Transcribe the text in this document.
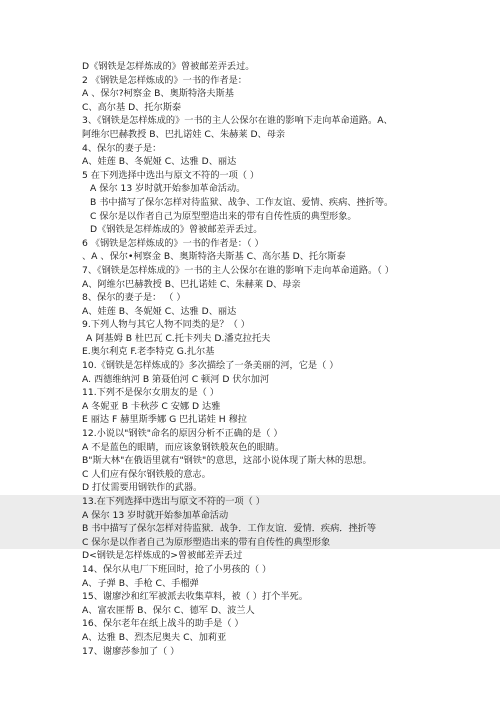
D《钢铁是怎样炼成的》曾被邮差弄丢过。
2 《钢铁是怎样炼成的》一书的作者是：
A 、保尔?柯察金 B、奥斯特洛夫斯基
C、高尔基 D、托尔斯泰
3、《钢铁是怎样炼成的》一书的主人公保尔在谁的影响下走向革命道路。A、
阿维尔巴赫教授 B、巴扎诺娃 C、朱赫莱 D、母亲
4、保尔的妻子是：
A、娃莲 B、冬妮娅 C、达雅 D、丽达
5 在下列选择中选出与原文不符的一项（ ）
A 保尔 13 岁时就开始参加革命活动。
B 书中描写了保尔怎样对待监狱、战争、工作友谊、爱情、疾病、挫折等。
C 保尔是以作者自己为原型塑造出来的带有自传性质的典型形象。
D《钢铁是怎样炼成的》曾被邮差弄丢过。
6 《钢铁是怎样炼成的》一书的作者是：（ ）
、A 、保尔•柯察金 B、奥斯特洛夫斯基 C、高尔基 D、托尔斯泰
7、《钢铁是怎样炼成的》一书的主人公保尔在谁的影响下走向革命道路。（ ）
A、阿维尔巴赫教授 B、巴扎诺娃 C、朱赫莱 D、母亲
8、保尔的妻子是： （ ）
A、娃莲 B、冬妮娅 C、达雅 D、丽达
9.下列人物与其它人物不同类的是？（ ）
A 阿基姆 B 杜巴瓦 C.托卡列夫 D.潘克拉托夫
E.奥尔利克 F.老李特克 G.扎尔基
10.《钢铁是怎样炼成的》多次描绘了一条美丽的河，它是（ ）
A. 西德维纳河 B 第聂伯河 C 顿河 D 伏尔加河
11.下列不是保尔女朋友的是（ ）
A 冬妮亚 B 卡秋莎 C 安娜 D 达雅
E 丽达 F 赫里斯季娜 G 巴扎诺娃 H 穆拉
12.小说以"钢铁"命名的原因分析不正确的是（ ）
A 不是蓝色的眼睛，而应该象钢铁般灰色的眼睛。
B"斯大林"在俄语里就有"钢铁"的意思，这部小说体现了斯大林的思想。
C 人们应有保尔钢铁般的意志。
D 打仗需要用钢铁作的武器。
13.在下列选择中选出与原文不符的一项（ ）
A 保尔 13 岁时就开始参加革命活动
B 书中描写了保尔怎样对待监狱．战争．工作友谊．爱情．疾病．挫折等
C 保尔是以作者自己为原形塑造出来的带有自传性的典型形象
D<钢铁是怎样炼成的>曾被邮差弄丢过
14、保尔从电厂下班回时，抢了小男孩的（ ）
A、子弹 B、手枪 C、手榴弹
15、谢廖沙和红军被派去收集草料，被（ ）打个半死。
A、富农匪帮 B、保尔 C、德军 D、波兰人
16、保尔老年在纸上战斗的助手是（ ）
A、达雅 B、烈杰尼奥夫 C、加莉亚
17、谢廖莎参加了（ ）
